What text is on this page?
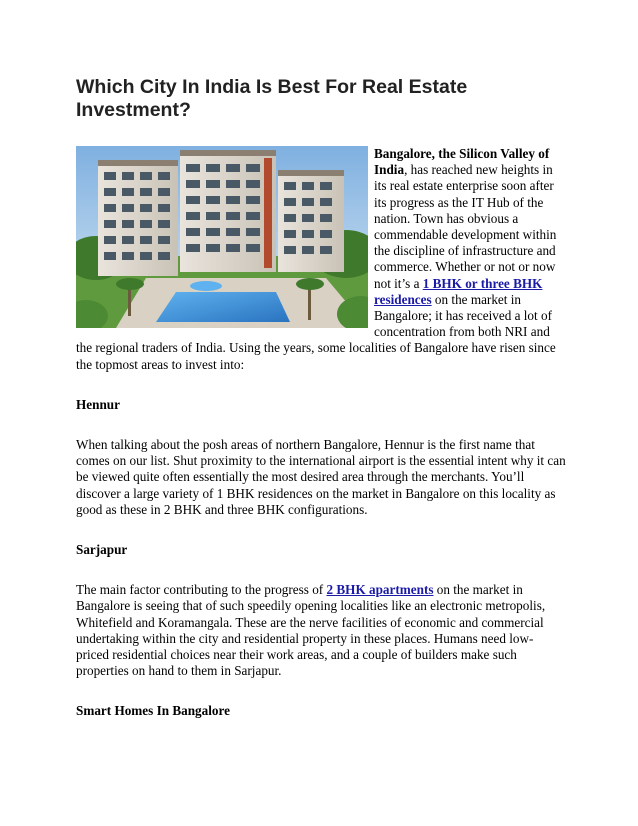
Which City In India Is Best For Real Estate Investment?

Bangalore, the Silicon Valley of India, has reached new heights in its real estate enterprise soon after its progress as the IT Hub of the nation. Town has obvious a commendable development within the discipline of infrastructure and commerce. Whether or not or now not it’s a 1 BHK or three BHK residences on the market in Bangalore; it has received a lot of concentration from both NRI and the regional traders of India. Using the years, some localities of Bangalore have risen since the topmost areas to invest into:

Hennur

When talking about the posh areas of northern Bangalore, Hennur is the first name that comes on our list. Shut proximity to the international airport is the essential intent why it can be viewed quite often essentially the most desired area through the merchants. You’ll discover a large variety of 1 BHK residences on the market in Bangalore on this locality as good as these in 2 BHK and three BHK configurations.

Sarjapur

The main factor contributing to the progress of 2 BHK apartments on the market in Bangalore is seeing that of such speedily opening localities like an electronic metropolis, Whitefield and Koramangala. These are the nerve facilities of economic and commercial undertaking within the city and residential property in these places. Humans need low-priced residential choices near their work areas, and a couple of builders make such properties on hand to them in Sarjapur.

Smart Homes In Bangalore
